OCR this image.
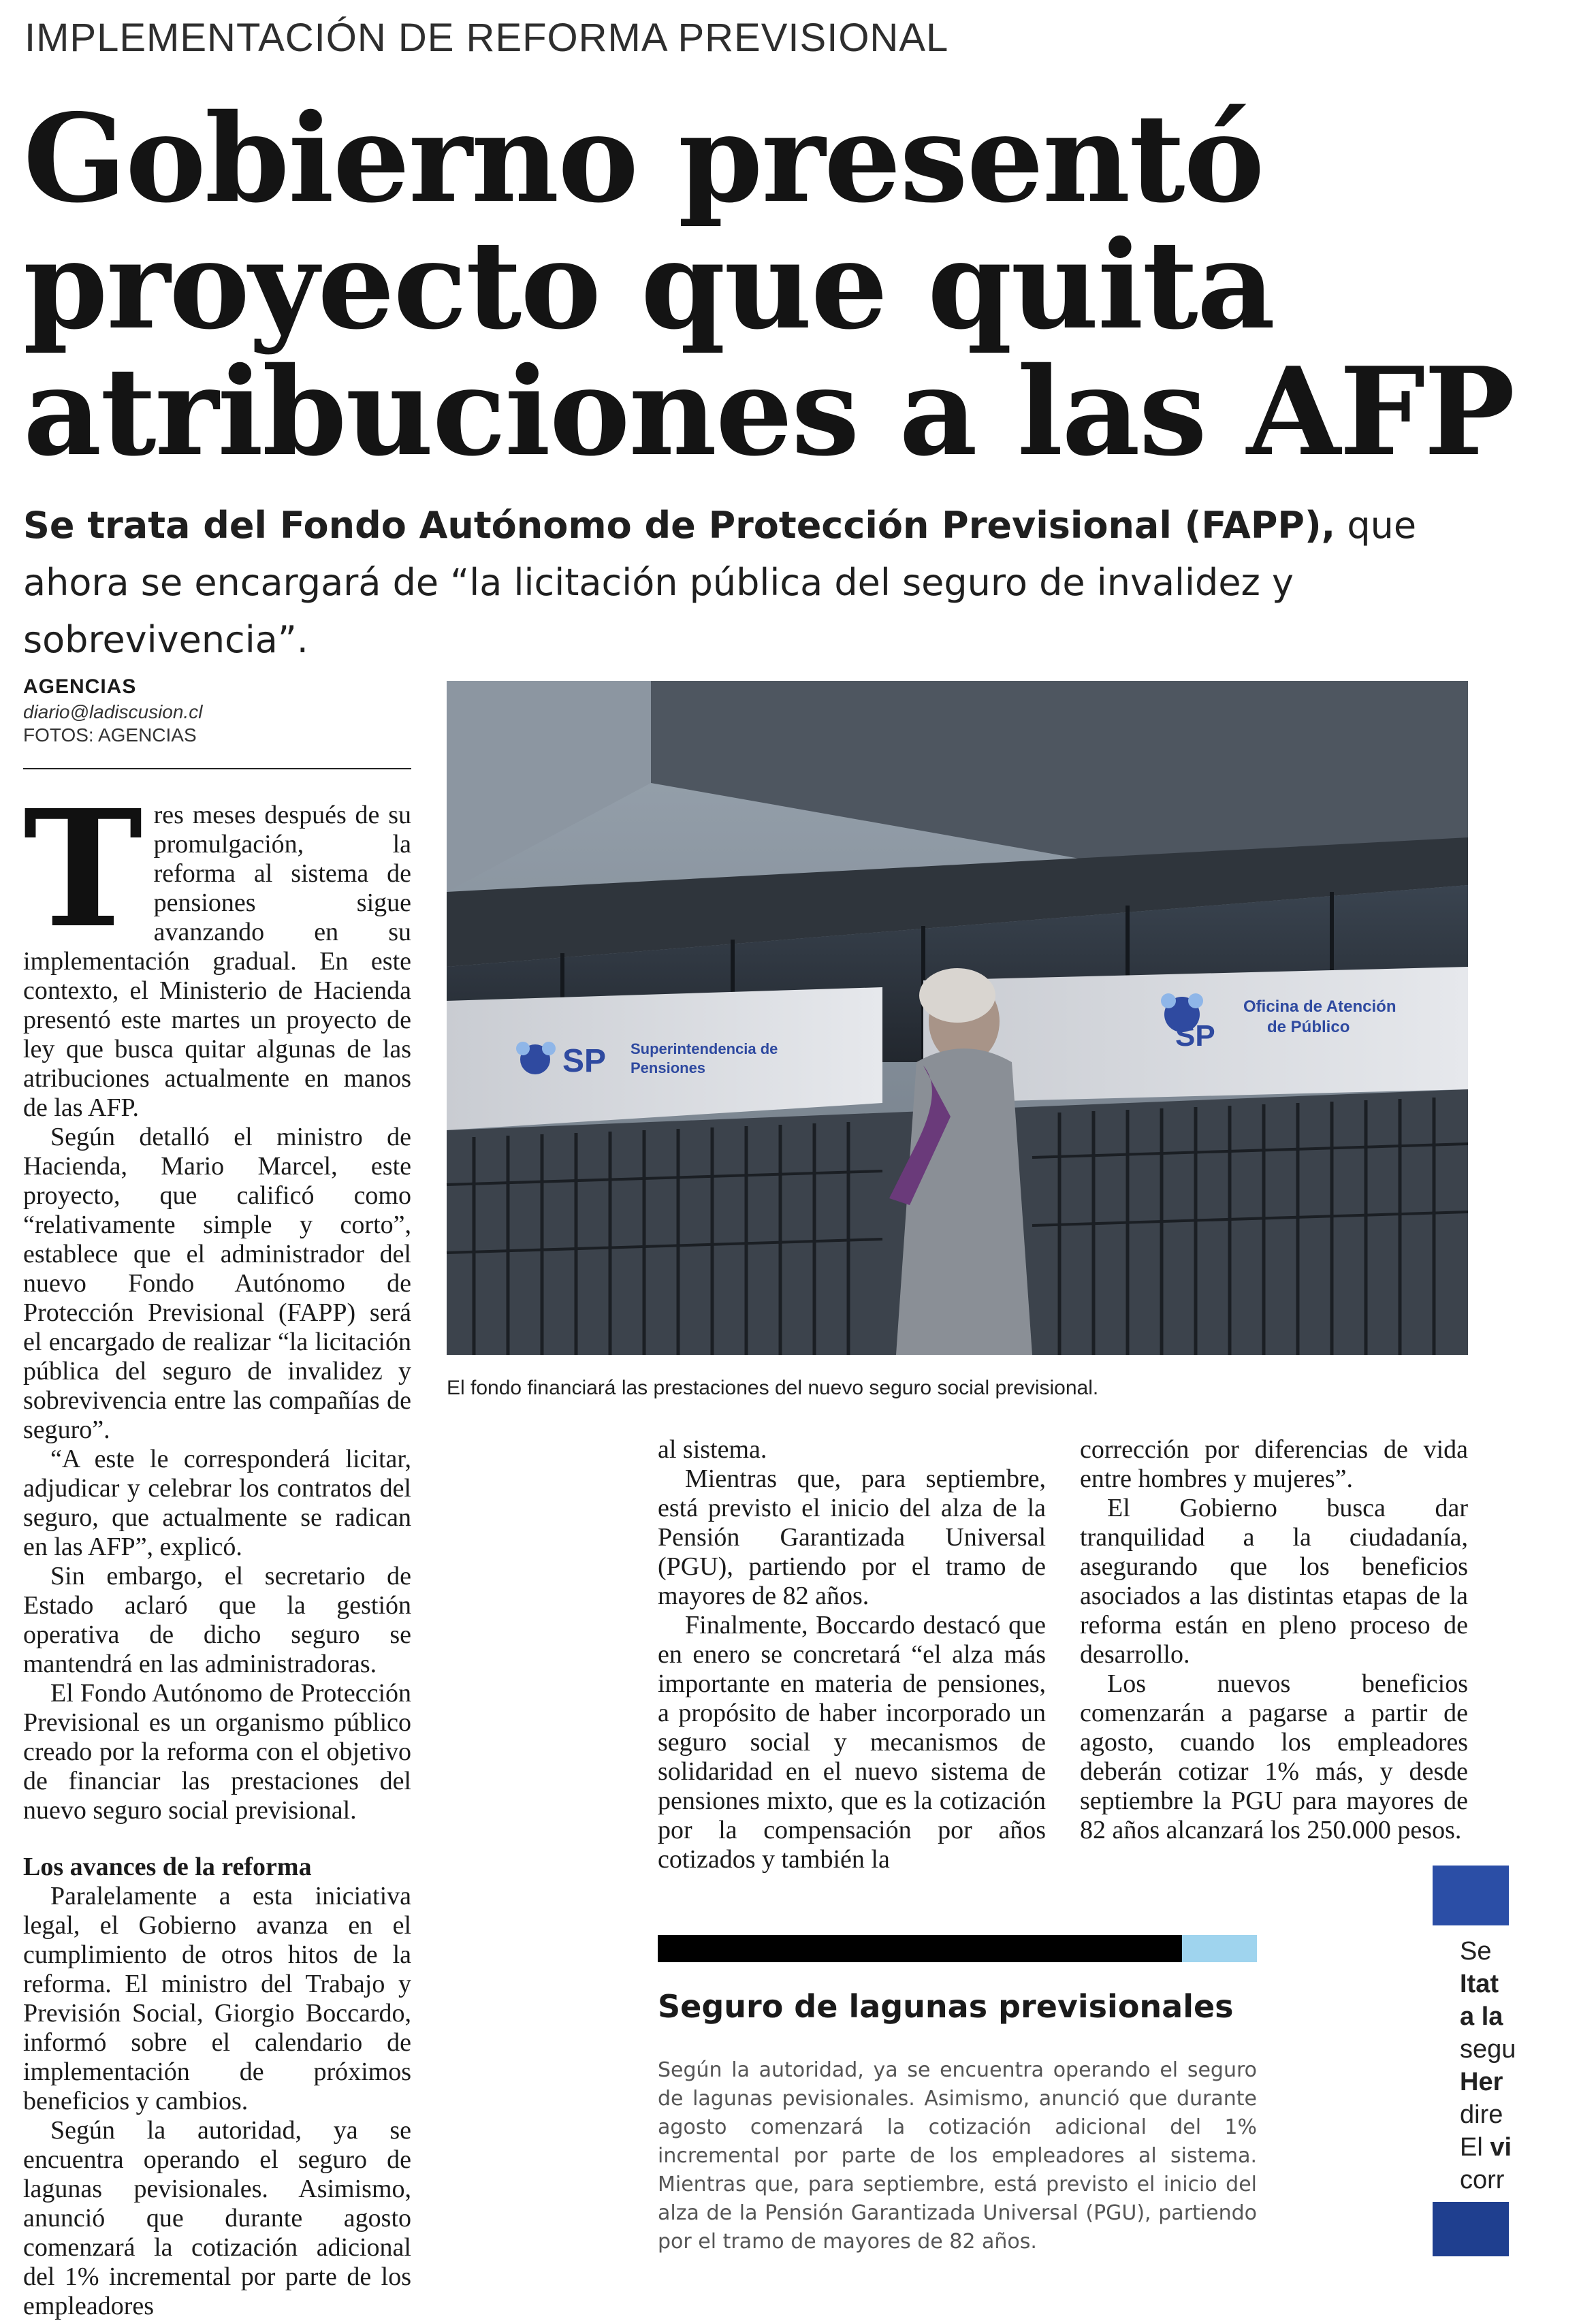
IMPLEMENTACIÓN DE REFORMA PREVISIONAL
Gobierno presentó
proyecto que quita
atribuciones a las AFP
Se trata del Fondo Autónomo de Protección Previsional (FAPP), que ahora se encargará de “la licitación pública del seguro de invalidez y sobrevivencia”.
AGENCIAS
diario@ladiscusion.cl
FOTOS: AGENCIAS
SP Superintendencia de
Pensiones
SP
Oficina de Atención
de Público
El fondo financiará las prestaciones del nuevo seguro social previsional.

Tres meses después de su promulgación, la reforma al sistema de pensiones sigue avanzando en su implementación gradual. En este contexto, el Ministerio de Hacienda presentó este martes un proyecto de ley que busca quitar algunas de las atribuciones actualmente en manos de las AFP.

Según detalló el ministro de Hacienda, Mario Marcel, este proyecto, que calificó como “relativamente simple y corto”, establece que el administrador del nuevo Fondo Autónomo de Protección Previsional (FAPP) será el encargado de realizar “la licitación pública del seguro de invalidez y sobrevivencia entre las compañías de seguro”.

“A este le corresponderá licitar, adjudicar y celebrar los contratos del seguro, que actualmente se radican en las AFP”, explicó.

Sin embargo, el secretario de Estado aclaró que la gestión operativa de dicho seguro se mantendrá en las administradoras.

El Fondo Autónomo de Protección Previsional es un organismo público creado por la reforma con el objetivo de financiar las prestaciones del nuevo seguro social previsional.

Los avances de la reforma

Paralelamente a esta iniciativa legal, el Gobierno avanza en el cumplimiento de otros hitos de la reforma. El ministro del Trabajo y Previsión Social, Giorgio Boccardo, informó sobre el calendario de implementación de próximos beneficios y cambios.

Según la autoridad, ya se encuentra operando el seguro de lagunas pevisionales. Asimismo, anunció que durante agosto comenzará la cotización adicional del 1% incremental por parte de los empleadores

al sistema.

Mientras que, para septiembre, está previsto el inicio del alza de la Pensión Garantizada Universal (PGU), partiendo por el tramo de mayores de 82 años.

Finalmente, Boccardo destacó que en enero se concretará “el alza más importante en materia de pensiones, a propósito de haber incorporado un seguro social y mecanismos de solidaridad en el nuevo sistema de pensiones mixto, que es la cotización por la compensación por años cotizados y también la

corrección por diferencias de vida entre hombres y mujeres”.

El Gobierno busca dar tranquilidad a la ciudadanía, asegurando que los beneficios asociados a las distintas etapas de la reforma están en pleno proceso de desarrollo.

Los nuevos beneficios comenzarán a pagarse a partir de agosto, cuando los empleadores deberán cotizar 1% más, y desde septiembre la PGU para mayores de 82 años alcanzará los 250.000 pesos.

Seguro de lagunas previsionales
Según la autoridad, ya se encuentra operando el seguro de lagunas pevisionales. Asimismo, anunció que durante agosto comenzará la cotización adicional del 1% incremental por parte de los empleadores al sistema. Mientras que, para septiembre, está previsto el inicio del alza de la Pensión Garantizada Universal (PGU), partiendo por el tramo de mayores de 82 años.
Se
Itat
a la
segu
Her
dire
El vi
corr
